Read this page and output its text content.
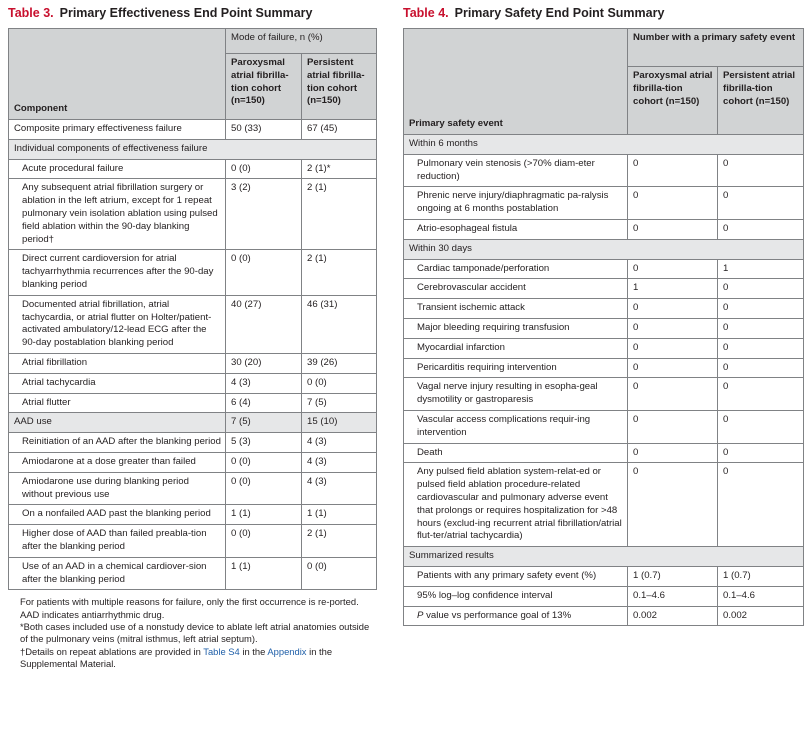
Table 3. Primary Effectiveness End Point Summary
Component	Mode of failure, n (%)	
	Paroxysmal atrial fibrilla-tion cohort (n=150)	Persistent atrial fibrilla-tion cohort (n=150)
Composite primary effectiveness failure	50 (33)	67 (45)
Individual components of effectiveness failure		
Acute procedural failure	0 (0)	2 (1)*
Any subsequent atrial fibrillation surgery or ablation in the left atrium, except for 1 repeat pulmonary vein isolation ablation using pulsed field ablation within the 90-day blanking period†	3 (2)	2 (1)
Direct current cardioversion for atrial tachyarrhythmia recurrences after the 90-day blanking period	0 (0)	2 (1)
Documented atrial fibrillation, atrial tachycardia, or atrial flutter on Holter/patient-activated ambulatory/12-lead ECG after the 90-day postablation blanking period	40 (27)	46 (31)
Atrial fibrillation	30 (20)	39 (26)
Atrial tachycardia	4 (3)	0 (0)
Atrial flutter	6 (4)	7 (5)
AAD use	7 (5)	15 (10)
Reinitiation of an AAD after the blanking period	5 (3)	4 (3)
Amiodarone at a dose greater than failed	0 (0)	4 (3)
Amiodarone use during blanking period without previous use	0 (0)	4 (3)
On a nonfailed AAD past the blanking period	1 (1)	1 (1)
Higher dose of AAD than failed preabla-tion after the blanking period	0 (0)	2 (1)
Use of an AAD in a chemical cardiover-sion after the blanking period	1 (1)	0 (0)

For patients with multiple reasons for failure, only the first occurrence is re-ported. AAD indicates antiarrhythmic drug.

*Both cases included use of a nonstudy device to ablate left atrial anatomies outside of the pulmonary veins (mitral isthmus, left atrial septum).

†Details on repeat ablations are provided in Table S4 in the Appendix in the Supplemental Material.

Table 4. Primary Safety End Point Summary
Primary safety event	Number with a primary safety event	
	Paroxysmal atrial fibrilla-tion cohort (n=150)	Persistent atrial fibrilla-tion cohort (n=150)
Within 6 months		
Pulmonary vein stenosis (>70% diam-eter reduction)	0	0
Phrenic nerve injury/diaphragmatic pa-ralysis ongoing at 6 months postablation	0	0
Atrio-esophageal fistula	0	0
Within 30 days		
Cardiac tamponade/perforation	0	1
Cerebrovascular accident	1	0
Transient ischemic attack	0	0
Major bleeding requiring transfusion	0	0
Myocardial infarction	0	0
Pericarditis requiring intervention	0	0
Vagal nerve injury resulting in esopha-geal dysmotility or gastroparesis	0	0
Vascular access complications requir-ing intervention	0	0
Death	0	0
Any pulsed field ablation system-relat-ed or pulsed field ablation procedure-related cardiovascular and pulmonary adverse event that prolongs or requires hospitalization for >48 hours (exclud-ing recurrent atrial fibrillation/atrial flut-ter/atrial tachycardia)	0	0
Summarized results		
Patients with any primary safety event (%)	1 (0.7)	1 (0.7)
95% log–log confidence interval	0.1–4.6	0.1–4.6
P value vs performance goal of 13%	0.002	0.002
